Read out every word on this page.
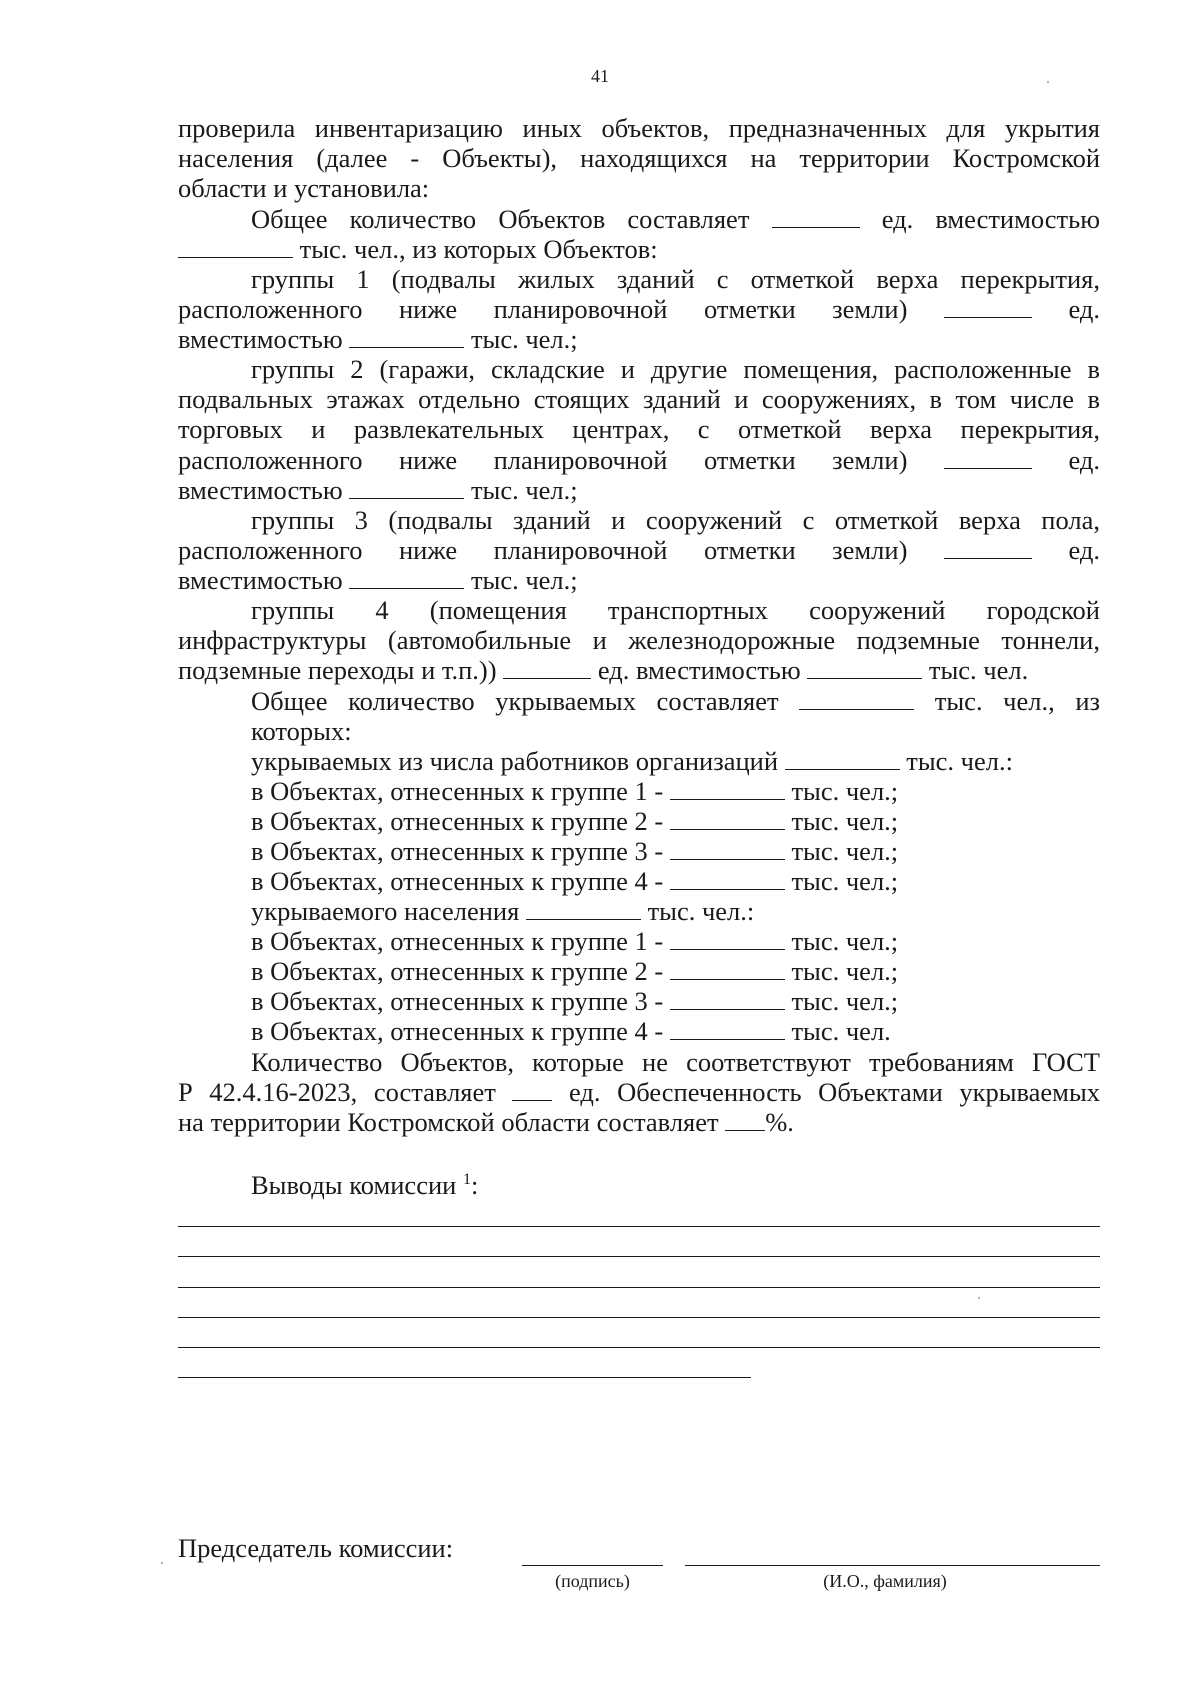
41
проверила инвентаризацию иных объектов, предназначенных для укрытия
населения (далее - Объекты), находящихся на территории Костромской
области и установила:
Общее количество Объектов составляет	ед. вместимостью
тыс. чел., из которых Объектов:
группы 1 (подвалы жилых зданий с отметкой верха перекрытия,
расположенного ниже планировочной отметки земли)	ед.
вместимостью	тыс. чел.;
группы 2 (гаражи, складские и другие помещения, расположенные в
подвальных этажах отдельно стоящих зданий и сооружениях, в том числе в
торговых и развлекательных центрах, с отметкой верха перекрытия,
расположенного ниже планировочной отметки земли)	ед.
вместимостью	тыс. чел.;
группы 3 (подвалы зданий и сооружений с отметкой верха пола,
расположенного ниже планировочной отметки земли)	ед.
вместимостью	тыс. чел.;
группы 4 (помещения транспортных сооружений городской
инфраструктуры (автомобильные и железнодорожные подземные тоннели,
подземные переходы и т.п.))	ед. вместимостью	тыс. чел.
Общее количество укрываемых составляет	тыс. чел., из
которых:
укрываемых из числа работников организаций	тыс. чел.:
в Объектах, отнесенных к группе 1 -	тыс. чел.;
в Объектах, отнесенных к группе 2 -	тыс. чел.;
в Объектах, отнесенных к группе 3 -	тыс. чел.;
в Объектах, отнесенных к группе 4 -	тыс. чел.;
укрываемого населения	тыс. чел.:
в Объектах, отнесенных к группе 1 -	тыс. чел.;
в Объектах, отнесенных к группе 2 -	тыс. чел.;
в Объектах, отнесенных к группе 3 -	тыс. чел.;
в Объектах, отнесенных к группе 4 -	тыс. чел.
Количество Объектов, которые не соответствуют требованиям ГОСТ
Р 42.4.16-2023, составляет	ед. Обеспеченность Объектами укрываемых
на территории Костромской области составляет %.
Выводы комиссии $^1$:
Председатель комиссии:
(подпись)	(И.О., фамилия)
